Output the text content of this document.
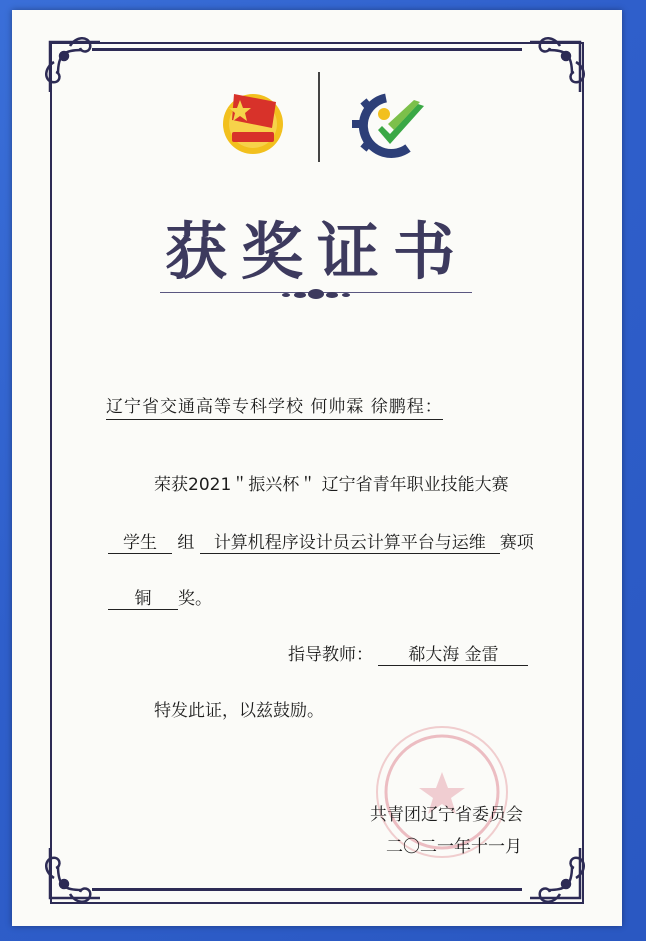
获奖证书
辽宁省交通高等专科学校 何帅霖 徐鹏程：
荣获2021＂振兴杯＂ 辽宁省青年职业技能大赛
学生 组 计算机程序设计员云计算平台与运维 赛项
铜 奖。
指导教师： 郗大海 金雷
特发此证，以兹鼓励。
共青团辽宁省委员会
二〇二一年十一月
